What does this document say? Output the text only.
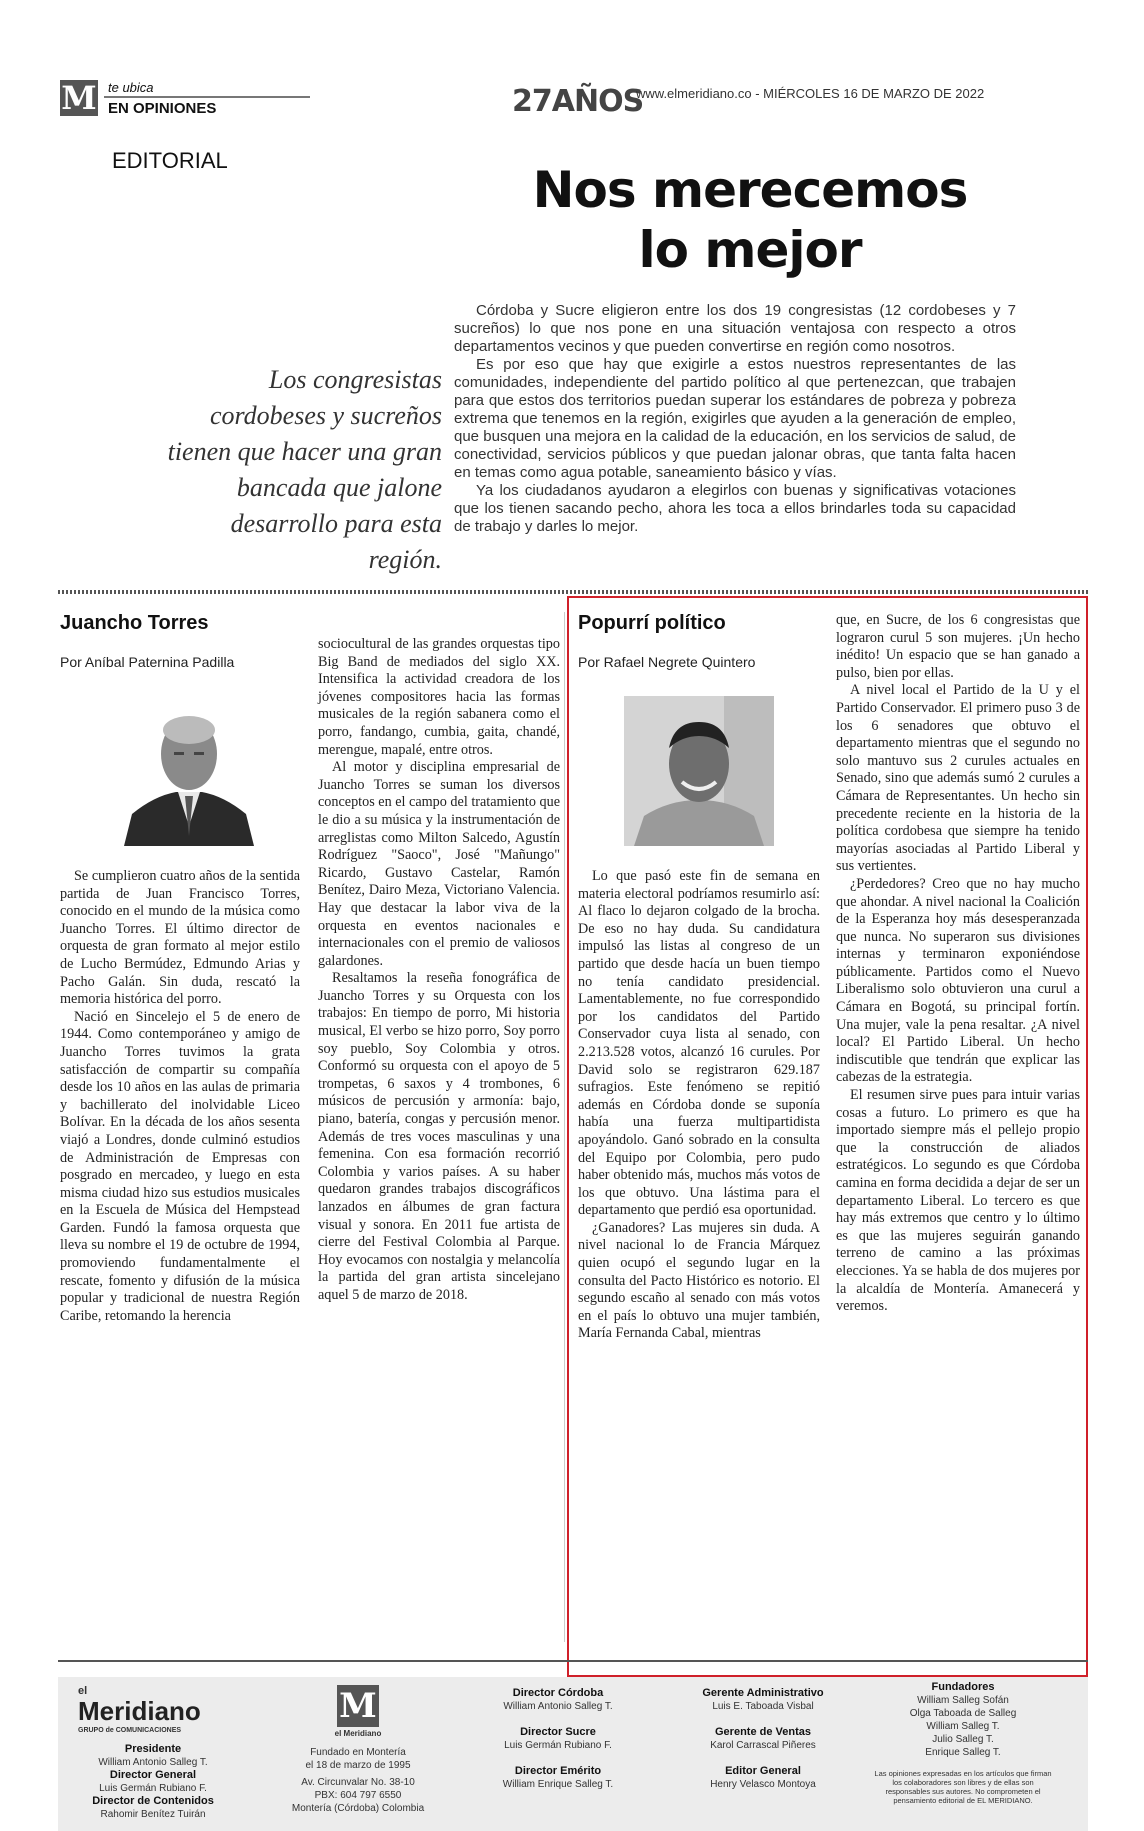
M te ubica
EN OPINIONES	27AÑOS
www.elmeridiano.co - MIÉRCOLES 16 DE MARZO DE 2022
EDITORIAL
Nos merecemos
lo mejor
Los congresistas cordobeses y sucreños tienen que hacer una gran bancada que jalone desarrollo para esta región.

Córdoba y Sucre eligieron entre los dos 19 congresistas (12 cordobeses y 7 sucreños) lo que nos pone en una situación ventajosa con respecto a otros departamentos vecinos y que pueden convertirse en región como nosotros.

Es por eso que hay que exigirle a estos nuestros representantes de las comunidades, independiente del partido político al que pertenezcan, que trabajen para que estos dos territorios puedan superar los estándares de pobreza y pobreza extrema que tenemos en la región, exigirles que ayuden a la generación de empleo, que busquen una mejora en la calidad de la educación, en los servicios de salud, de conectividad, servicios públicos y que puedan jalonar obras, que tanta falta hacen en temas como agua potable, saneamiento básico y vías.

Ya los ciudadanos ayudaron a elegirlos con buenas y significativas votaciones que los tienen sacando pecho, ahora les toca a ellos brindarles toda su capacidad de trabajo y darles lo mejor.

Juancho Torres
Por Aníbal Paternina Padilla

Se cumplieron cuatro años de la sentida partida de Juan Francisco Torres, conocido en el mundo de la música como Juancho Torres. El último director de orquesta de gran formato al mejor estilo de Lucho Bermúdez, Edmundo Arias y Pacho Galán. Sin duda, rescató la memoria histórica del porro.

Nació en Sincelejo el 5 de enero de 1944. Como contemporáneo y amigo de Juancho Torres tuvimos la grata satisfacción de compartir su compañía desde los 10 años en las aulas de primaria y bachillerato del inolvidable Liceo Bolívar. En la década de los años sesenta viajó a Londres, donde culminó estudios de Administración de Empresas con posgrado en mercadeo, y luego en esta misma ciudad hizo sus estudios musicales en la Escuela de Música del Hempstead Garden. Fundó la famosa orquesta que lleva su nombre el 19 de octubre de 1994, promoviendo fundamentalmente el rescate, fomento y difusión de la música popular y tradicional de nuestra Región Caribe, retomando la herencia

sociocultural de las grandes orquestas tipo Big Band de mediados del siglo XX. Intensifica la actividad creadora de los jóvenes compositores hacia las formas musicales de la región sabanera como el porro, fandango, cumbia, gaita, chandé, merengue, mapalé, entre otros.

Al motor y disciplina empresarial de Juancho Torres se suman los diversos conceptos en el campo del tratamiento que le dio a su música y la instrumentación de arreglistas como Milton Salcedo, Agustín Rodríguez "Saoco", José "Mañungo" Ricardo, Gustavo Castelar, Ramón Benítez, Dairo Meza, Victoriano Valencia. Hay que destacar la labor viva de la orquesta en eventos nacionales e internacionales con el premio de valiosos galardones.

Resaltamos la reseña fonográfica de Juancho Torres y su Orquesta con los trabajos: En tiempo de porro, Mi historia musical, El verbo se hizo porro, Soy porro soy pueblo, Soy Colombia y otros. Conformó su orquesta con el apoyo de 5 trompetas, 6 saxos y 4 trombones, 6 músicos de percusión y armonía: bajo, piano, batería, congas y percusión menor. Además de tres voces masculinas y una femenina. Con esa formación recorrió Colombia y varios países. A su haber quedaron grandes trabajos discográficos lanzados en álbumes de gran factura visual y sonora. En 2011 fue artista de cierre del Festival Colombia al Parque. Hoy evocamos con nostalgia y melancolía la partida del gran artista sincelejano aquel 5 de marzo de 2018.

Popurrí político
Por Rafael Negrete Quintero

Lo que pasó este fin de semana en materia electoral podríamos resumirlo así: Al flaco lo dejaron colgado de la brocha. De eso no hay duda. Su candidatura impulsó las listas al congreso de un partido que desde hacía un buen tiempo no tenía candidato presidencial. Lamentablemente, no fue correspondido por los candidatos del Partido Conservador cuya lista al senado, con 2.213.528 votos, alcanzó 16 curules. Por David solo se registraron 629.187 sufragios. Este fenómeno se repitió además en Córdoba donde se suponía había una fuerza multipartidista apoyándolo. Ganó sobrado en la consulta del Equipo por Colombia, pero pudo haber obtenido más, muchos más votos de los que obtuvo. Una lástima para el departamento que perdió esa oportunidad.

¿Ganadores? Las mujeres sin duda. A nivel nacional lo de Francia Márquez quien ocupó el segundo lugar en la consulta del Pacto Histórico es notorio. El segundo escaño al senado con más votos en el país lo obtuvo una mujer también, María Fernanda Cabal, mientras

que, en Sucre, de los 6 congresistas que lograron curul 5 son mujeres. ¡Un hecho inédito! Un espacio que se han ganado a pulso, bien por ellas.

A nivel local el Partido de la U y el Partido Conservador. El primero puso 3 de los 6 senadores que obtuvo el departamento mientras que el segundo no solo mantuvo sus 2 curules actuales en Senado, sino que además sumó 2 curules a Cámara de Representantes. Un hecho sin precedente reciente en la historia de la política cordobesa que siempre ha tenido mayorías asociadas al Partido Liberal y sus vertientes.

¿Perdedores? Creo que no hay mucho que ahondar. A nivel nacional la Coalición de la Esperanza hoy más desesperanzada que nunca. No superaron sus divisiones internas y terminaron exponiéndose públicamente. Partidos como el Nuevo Liberalismo solo obtuvieron una curul a Cámara en Bogotá, su principal fortín. Una mujer, vale la pena resaltar. ¿A nivel local? El Partido Liberal. Un hecho indiscutible que tendrán que explicar las cabezas de la estrategia.

El resumen sirve pues para intuir varias cosas a futuro. Lo primero es que ha importado siempre más el pellejo propio que la construcción de aliados estratégicos. Lo segundo es que Córdoba camina en forma decidida a dejar de ser un departamento Liberal. Lo tercero es que hay más extremos que centro y lo último es que las mujeres seguirán ganando terreno de camino a las próximas elecciones. Ya se habla de dos mujeres por la alcaldía de Montería. Amanecerá y veremos.

el
Meridiano
GRUPO de COMUNICACIONES
Presidente
William Antonio Salleg T.
Director General
Luis Germán Rubiano F.
Director de Contenidos
Rahomir Benítez Tuirán
M
el Meridiano
Fundado en Montería
el 18 de marzo de 1995
Av. Circunvalar No. 38-10
PBX: 604 797 6550
Montería (Córdoba) Colombia
Director Córdoba
William Antonio Salleg T.

Director Sucre
Luis Germán Rubiano F.

Director Emérito
William Enrique Salleg T.
Gerente Administrativo
Luis E. Taboada Visbal

Gerente de Ventas
Karol Carrascal Piñeres

Editor General
Henry Velasco Montoya
Fundadores
William Salleg Sofán
Olga Taboada de Salleg
William Salleg T.
Julio Salleg T.
Enrique Salleg T.
Las opiniones expresadas en los artículos que firman los colaboradores son libres y de ellas son responsables sus autores. No comprometen el pensamiento editorial de EL MERIDIANO.
